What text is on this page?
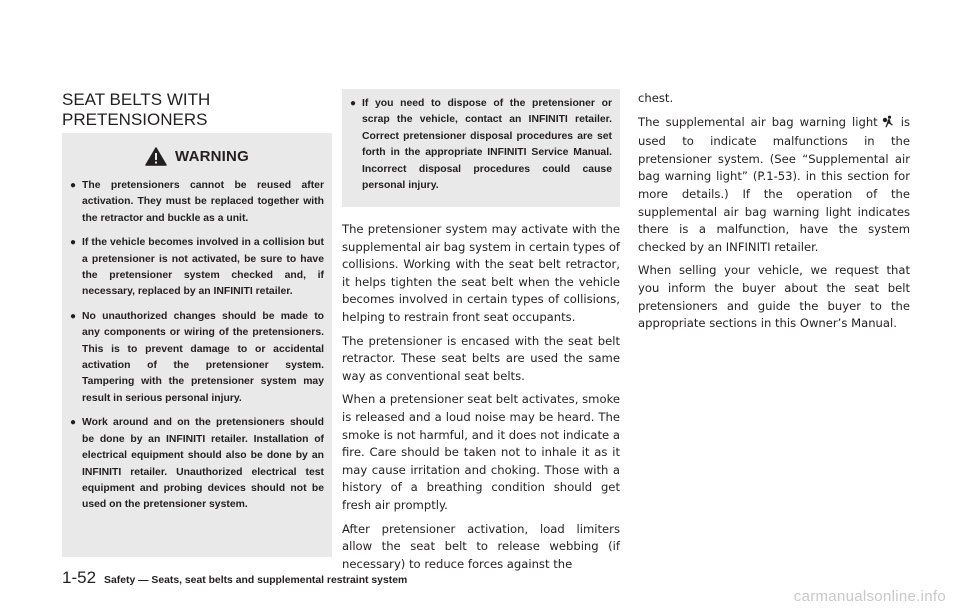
SEAT BELTS WITH PRETENSIONERS
WARNING
● The pretensioners cannot be reused after activation. They must be replaced together with the retractor and buckle as a unit.
● If the vehicle becomes involved in a collision but a pretensioner is not activated, be sure to have the pretensioner system checked and, if necessary, replaced by an INFINITI retailer.
● No unauthorized changes should be made to any components or wiring of the pretensioners. This is to prevent damage to or accidental activation of the pretensioner system. Tampering with the pretensioner system may result in serious personal injury.
● Work around and on the pretensioners should be done by an INFINITI retailer. Installation of electrical equipment should also be done by an INFINITI retailer. Unauthorized electrical test equipment and probing devices should not be used on the pretensioner system.
● If you need to dispose of the pretensioner or scrap the vehicle, contact an INFINITI retailer. Correct pretensioner disposal procedures are set forth in the appropriate INFINITI Service Manual. Incorrect disposal procedures could cause personal injury.

The pretensioner system may activate with the supplemental air bag system in certain types of collisions. Working with the seat belt retractor, it helps tighten the seat belt when the vehicle becomes involved in certain types of collisions, helping to restrain front seat occupants.

The pretensioner is encased with the seat belt retractor. These seat belts are used the same way as conventional seat belts.

When a pretensioner seat belt activates, smoke is released and a loud noise may be heard. The smoke is not harmful, and it does not indicate a fire. Care should be taken not to inhale it as it may cause irritation and choking. Those with a history of a breathing condition should get fresh air promptly.

After pretensioner activation, load limiters allow the seat belt to release webbing (if necessary) to reduce forces against the

chest.

The supplemental air bag warning light is used to indicate malfunctions in the pretensioner system. (See “Supplemental air bag warning light” (P.1-53). in this section for more details.) If the operation of the supplemental air bag warning light indicates there is a malfunction, have the system checked by an INFINITI retailer.

When selling your vehicle, we request that you inform the buyer about the seat belt pretensioners and guide the buyer to the appropriate sections in this Owner’s Manual.

1-52 Safety — Seats, seat belts and supplemental restraint system
carmanualsonline.info
